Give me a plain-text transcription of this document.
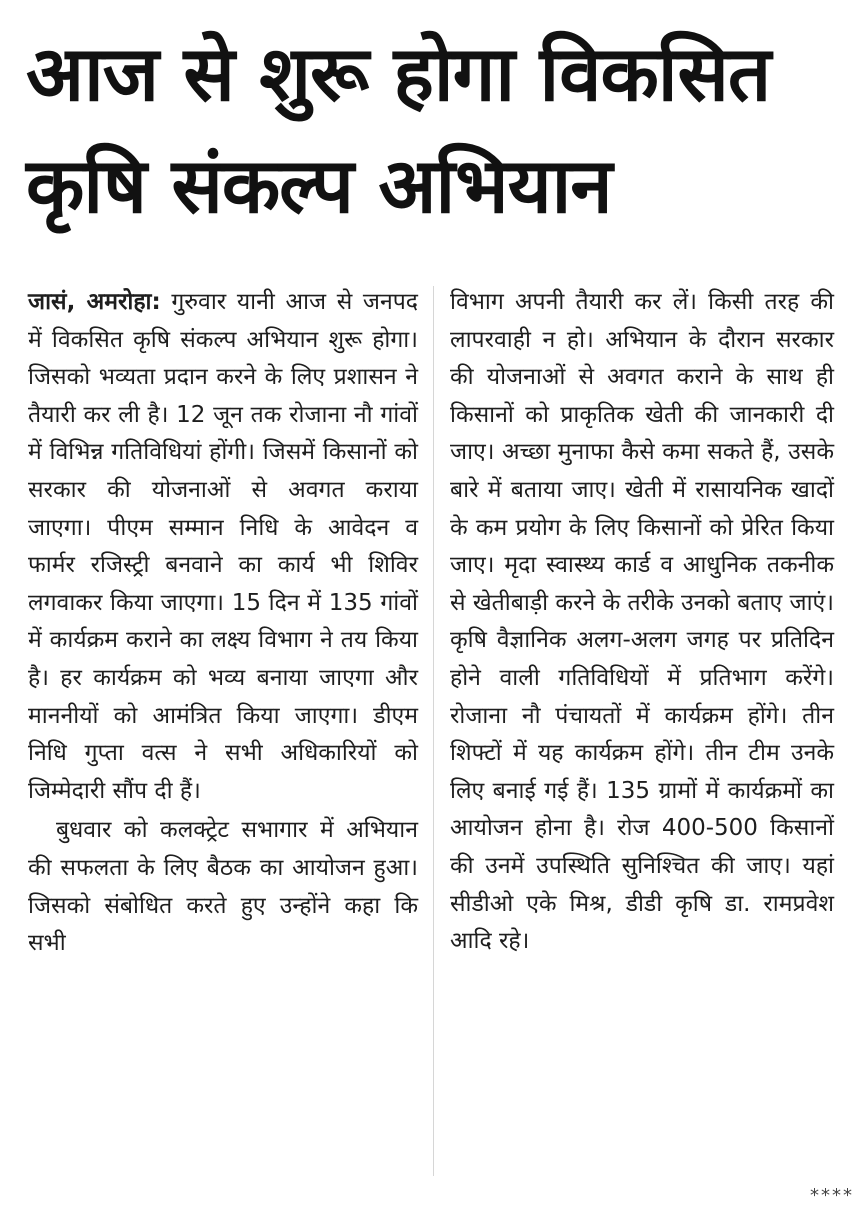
आज से शुरू होगा विकसित
कृषि संकल्प अभियान

जासं, अमरोहा: गुरुवार यानी आज से जनपद में विकसित कृषि संकल्प अभियान शुरू होगा। जिसको भव्यता प्रदान करने के लिए प्रशासन ने तैयारी कर ली है। 12 जून तक रोजाना नौ गांवों में विभिन्न गतिविधियां होंगी। जिसमें किसानों को सरकार की योजनाओं से अवगत कराया जाएगा। पीएम सम्मान निधि के आवेदन व फार्मर रजिस्ट्री बनवाने का कार्य भी शिविर लगवाकर किया जाएगा। 15 दिन में 135 गांवों में कार्यक्रम कराने का लक्ष्य विभाग ने तय किया है। हर कार्यक्रम को भव्य बनाया जाएगा और माननीयों को आमंत्रित किया जाएगा। डीएम निधि गुप्ता वत्स ने सभी अधिकारियों को जिम्मेदारी सौंप दी हैं।

बुधवार को कलक्ट्रेट सभागार में अभियान की सफलता के लिए बैठक का आयोजन हुआ। जिसको संबोधित करते हुए उन्होंने कहा कि सभी

विभाग अपनी तैयारी कर लें। किसी तरह की लापरवाही न हो। अभियान के दौरान सरकार की योजनाओं से अवगत कराने के साथ ही किसानों को प्राकृतिक खेती की जानकारी दी जाए। अच्छा मुनाफा कैसे कमा सकते हैं, उसके बारे में बताया जाए। खेती में रासायनिक खादों के कम प्रयोग के लिए किसानों को प्रेरित किया जाए। मृदा स्वास्थ्य कार्ड व आधुनिक तकनीक से खेतीबाड़ी करने के तरीके उनको बताए जाएं। कृषि वैज्ञानिक अलग-अलग जगह पर प्रतिदिन होने वाली गतिविधियों में प्रतिभाग करेंगे। रोजाना नौ पंचायतों में कार्यक्रम होंगे। तीन शिफ्टों में यह कार्यक्रम होंगे। तीन टीम उनके लिए बनाई गई हैं। 135 ग्रामों में कार्यक्रमों का आयोजन होना है। रोज 400-500 किसानों की उनमें उपस्थिति सुनिश्चित की जाए। यहां सीडीओ एके मिश्र, डीडी कृषि डा. रामप्रवेश आदि रहे।

****
